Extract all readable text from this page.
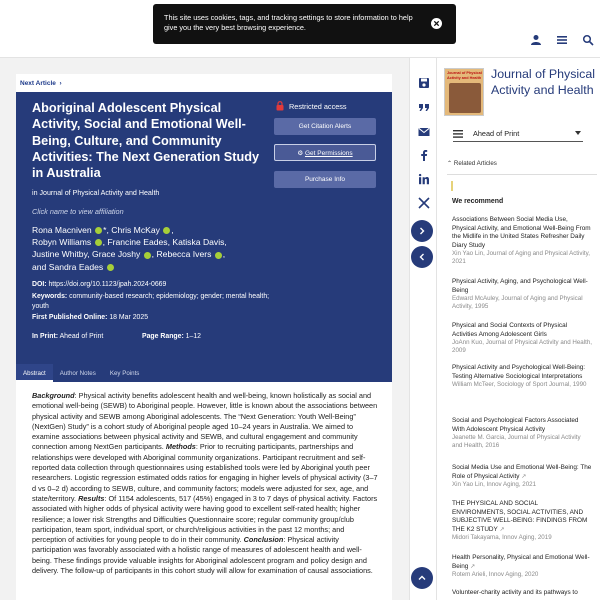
This site uses cookies, tags, and tracking settings to store information to help give you the very best browsing experience.
Next Article  ›
Aboriginal Adolescent Physical Activity, Social and Emotional Well-Being, Culture, and Community Activities: The Next Generation Study in Australia
in Journal of Physical Activity and Health
Click name to view affiliation
Rona Macniven *, Chris McKay ,
Robyn Williams , Francine Eades, Katiska Davis,
Justine Whitby, Grace Joshy , Rebecca Ivers ,
and Sandra Eades
DOI: https://doi.org/10.1123/jpah.2024-0669
Keywords: community-based research; epidemiology; gender; mental health; youth
First Published Online: 18 Mar 2025
In Print: Ahead of Print	Page Range: 1–12
Restricted access
Get Citation Alerts
⚙ Get Permissions
Purchase Info
Abstract	Author Notes	Key Points
Background: Physical activity benefits adolescent health and well-being, known holistically as social and emotional well-being (SEWB) to Aboriginal people. However, little is known about the associations between physical activity and SEWB among Aboriginal adolescents. The “Next Generation: Youth Well-Being” (NextGen) Study” is a cohort study of Aboriginal people aged 10–24 years in Australia. We aimed to examine associations between physical activity and SEWB, and cultural engagement and community connection among NextGen participants. Methods: Prior to recruiting participants, partnerships and relationships were developed with Aboriginal community organizations. Participant recruitment and self-reported data collection through questionnaires using established tools were led by Aboriginal youth peer researchers. Logistic regression estimated odds ratios for engaging in higher levels of physical activity (3–7 d vs 0–2 d) according to SEWB, culture, and community factors; models were adjusted for sex, age, and state/territory. Results: Of 1154 adolescents, 517 (45%) engaged in 3 to 7 days of physical activity. Factors associated with higher odds of physical activity were having good to excellent self-rated health; higher resilience; a lower risk Strengths and Difficulties Questionnaire score; regular community group/club participation, team sport, individual sport, or church/religious activities in the past 12 months; and perception of activities for young people to do in their community. Conclusion: Physical activity participation was favorably associated with a holistic range of measures of adolescent health and well-being. These findings provide valuable insights for Aboriginal adolescent program and policy design and delivery. The follow-up of participants in this cohort study will allow for examination of causal associations.
Journal of Physical Activity and Health Journal of Physical Activity and Health
Ahead of Print
⌃ Related Articles
We recommend
Associations Between Social Media Use, Physical Activity, and Emotional Well-Being From the Midlife in the United States Refresher Daily Diary Study
Xin Yao Lin, Journal of Aging and Physical Activity, 2021
Physical Activity, Aging, and Psychological Well-Being
Edward McAuley, Journal of Aging and Physical Activity, 1995
Physical and Social Contexts of Physical Activities Among Adolescent Girls
JoAnn Kuo, Journal of Physical Activity and Health, 2009
Physical Activity and Psychological Well-Being: Testing Alternative Sociological Interpretations
William McTeer, Sociology of Sport Journal, 1990
Social and Psychological Factors Associated With Adolescent Physical Activity
Jeanette M. Garcia, Journal of Physical Activity and Health, 2016
Social Media Use and Emotional Well-Being: The Role of Physical Activity ↗
Xin Yao Lin, Innov Aging, 2021
THE PHYSICAL AND SOCIAL ENVIRONMENTS, SOCIAL ACTIVITIES, AND SUBJECTIVE WELL-BEING: FINDINGS FROM THE K2 STUDY ↗
Midori Takayama, Innov Aging, 2019
Health Personality, Physical and Emotional Well-Being ↗
Rotem Arieli, Innov Aging, 2020
Volunteer-charity activity and its pathways to
